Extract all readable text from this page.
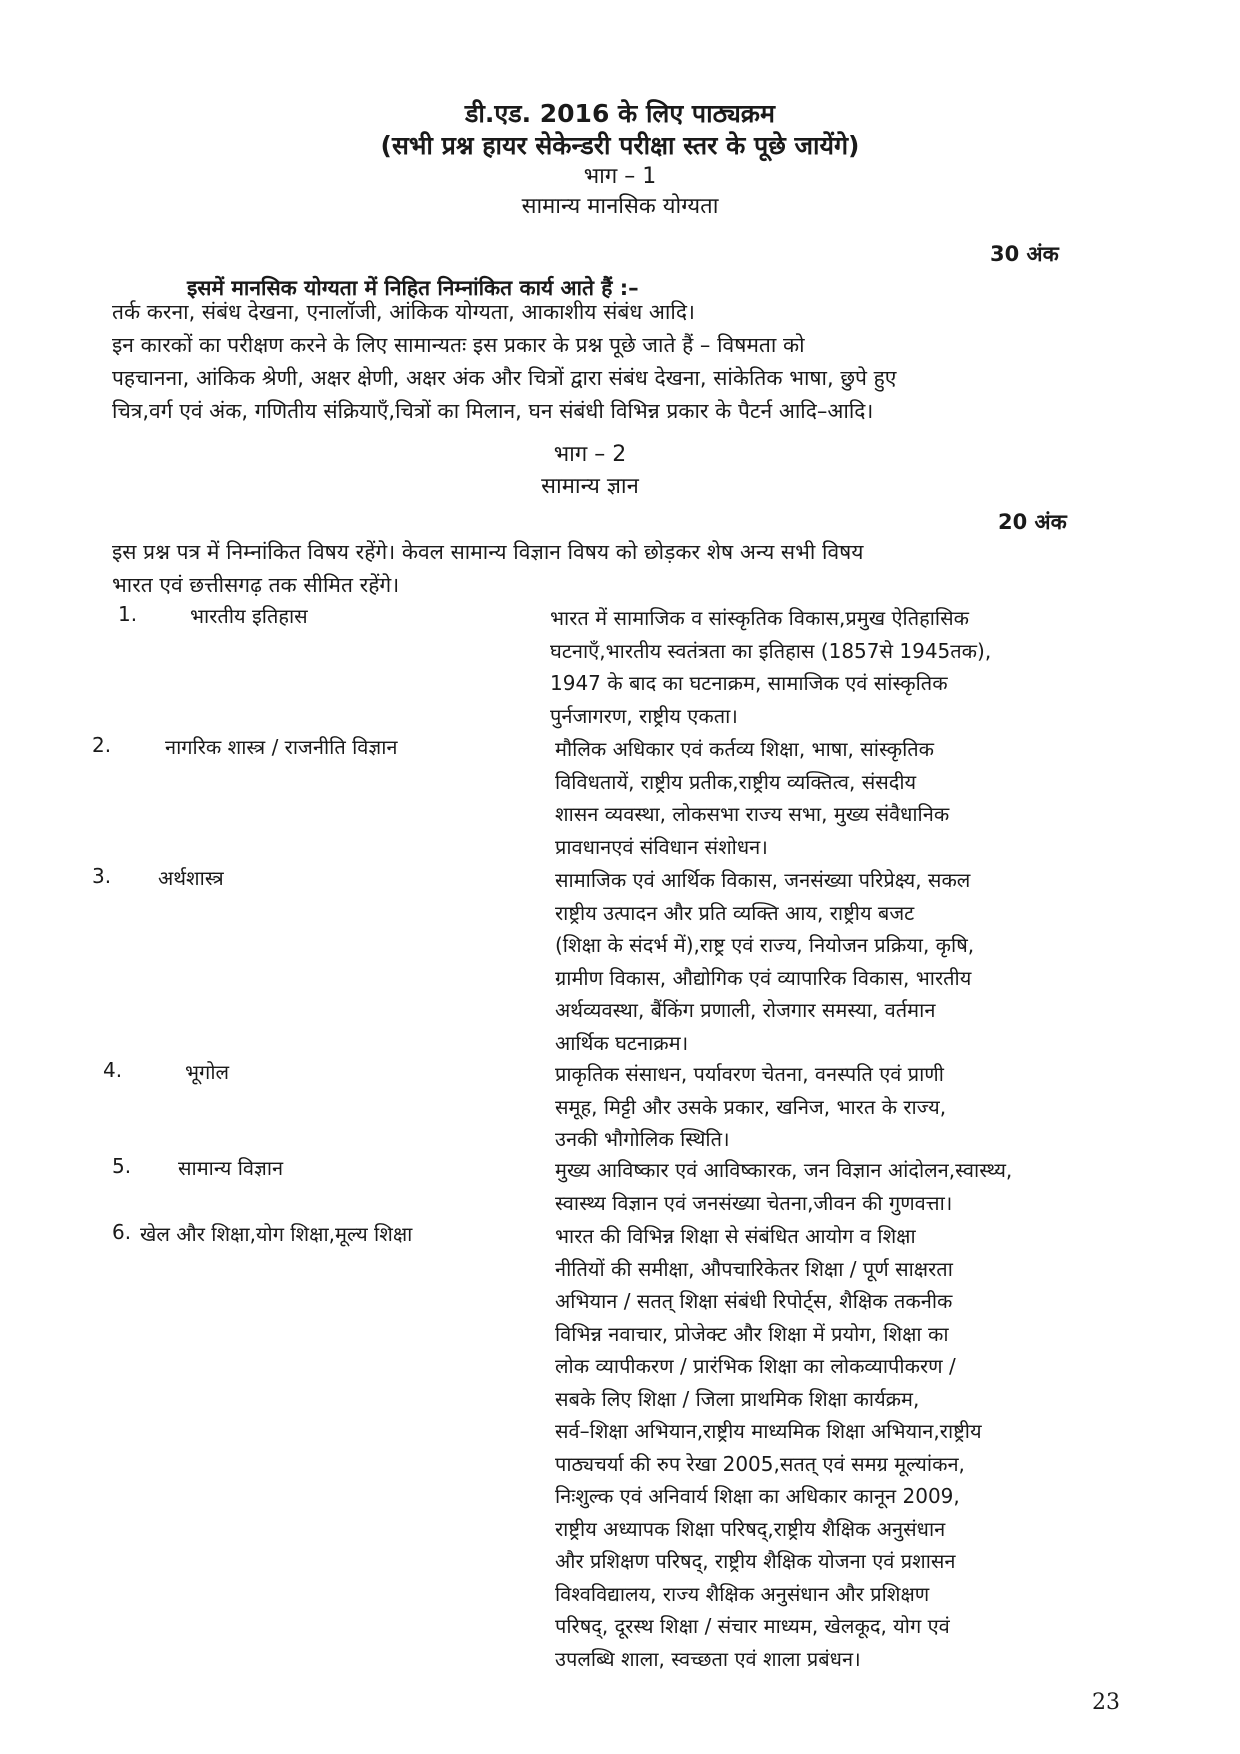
डी.एड. 2016 के लिए पाठ्यक्रम
(सभी प्रश्न हायर सेकेन्डरी परीक्षा स्तर के पूछे जायेंगे)
भाग – 1
सामान्य मानसिक योग्यता
30 अंक
इसमें मानसिक योग्यता में निहित निम्नांकित कार्य आते हैं :–
तर्क करना, संबंध देखना, एनालॉजी, आंकिक योग्यता, आकाशीय संबंध आदि।
इन कारकों का परीक्षण करने के लिए सामान्यतः इस प्रकार के प्रश्न पूछे जाते हैं – विषमता को
पहचानना, आंकिक श्रेणी, अक्षर क्षेणी, अक्षर अंक और चित्रों द्वारा संबंध देखना, सांकेतिक भाषा, छुपे हुए
चित्र,वर्ग एवं अंक, गणितीय संक्रियाएँ,चित्रों का मिलान, घन संबंधी विभिन्न प्रकार के पैटर्न आदि–आदि।
भाग – 2
सामान्य ज्ञान
20 अंक
इस प्रश्न पत्र में निम्नांकित विषय रहेंगे। केवल सामान्य विज्ञान विषय को छोड़कर शेष अन्य सभी विषय
भारत एवं छत्तीसगढ़ तक सीमित रहेंगे।
1.	भारतीय इतिहास	भारत में सामाजिक व सांस्कृतिक विकास,प्रमुख ऐतिहासिक
घटनाएँ,भारतीय स्वतंत्रता का इतिहास (1857से 1945तक),
1947 के बाद का घटनाक्रम, सामाजिक एवं सांस्कृतिक
पुर्नजागरण, राष्ट्रीय एकता।
2.	नागरिक शास्त्र / राजनीति विज्ञान	मौलिक अधिकार एवं कर्तव्य शिक्षा, भाषा, सांस्कृतिक
विविधतायें, राष्ट्रीय प्रतीक,राष्ट्रीय व्यक्तित्व, संसदीय
शासन व्यवस्था, लोकसभा राज्य सभा, मुख्य संवैधानिक
प्रावधानएवं संविधान संशोधन।
3. अर्थशास्त्र	सामाजिक एवं आर्थिक विकास, जनसंख्या परिप्रेक्ष्य, सकल
राष्ट्रीय उत्पादन और प्रति व्यक्ति आय, राष्ट्रीय बजट
(शिक्षा के संदर्भ में),राष्ट्र एवं राज्य, नियोजन प्रक्रिया, कृषि,
ग्रामीण विकास, औद्योगिक एवं व्यापारिक विकास, भारतीय
अर्थव्यवस्था, बैंकिंग प्रणाली, रोजगार समस्या, वर्तमान
आर्थिक घटनाक्रम।
4.	भूगोल	प्राकृतिक संसाधन, पर्यावरण चेतना, वनस्पति एवं प्राणी
समूह, मिट्टी और उसके प्रकार, खनिज, भारत के राज्य,
उनकी भौगोलिक स्थिति।
5. सामान्य विज्ञान	मुख्य आविष्कार एवं आविष्कारक, जन विज्ञान आंदोलन,स्वास्थ्य,
स्वास्थ्य विज्ञान एवं जनसंख्या चेतना,जीवन की गुणवत्ता।
6. खेल और शिक्षा,योग शिक्षा,मूल्य शिक्षा	भारत की विभिन्न शिक्षा से संबंधित आयोग व शिक्षा
नीतियों की समीक्षा, औपचारिकेतर शिक्षा / पूर्ण साक्षरता
अभियान / सतत् शिक्षा संबंधी रिपोर्ट्स, शैक्षिक तकनीक
विभिन्न नवाचार, प्रोजेक्ट और शिक्षा में प्रयोग, शिक्षा का
लोक व्यापीकरण / प्रारंभिक शिक्षा का लोकव्यापीकरण /
सबके लिए शिक्षा / जिला प्राथमिक शिक्षा कार्यक्रम,
सर्व–शिक्षा अभियान,राष्ट्रीय माध्यमिक शिक्षा अभियान,राष्ट्रीय
पाठ्यचर्या की रुप रेखा 2005,सतत् एवं समग्र मूल्यांकन,
निःशुल्क एवं अनिवार्य शिक्षा का अधिकार कानून 2009,
राष्ट्रीय अध्यापक शिक्षा परिषद्,राष्ट्रीय शैक्षिक अनुसंधान
और प्रशिक्षण परिषद्, राष्ट्रीय शैक्षिक योजना एवं प्रशासन
विश्वविद्यालय, राज्य शैक्षिक अनुसंधान और प्रशिक्षण
परिषद्, दूरस्थ शिक्षा / संचार माध्यम, खेलकूद, योग एवं
उपलब्धि शाला, स्वच्छता एवं शाला प्रबंधन।
23
